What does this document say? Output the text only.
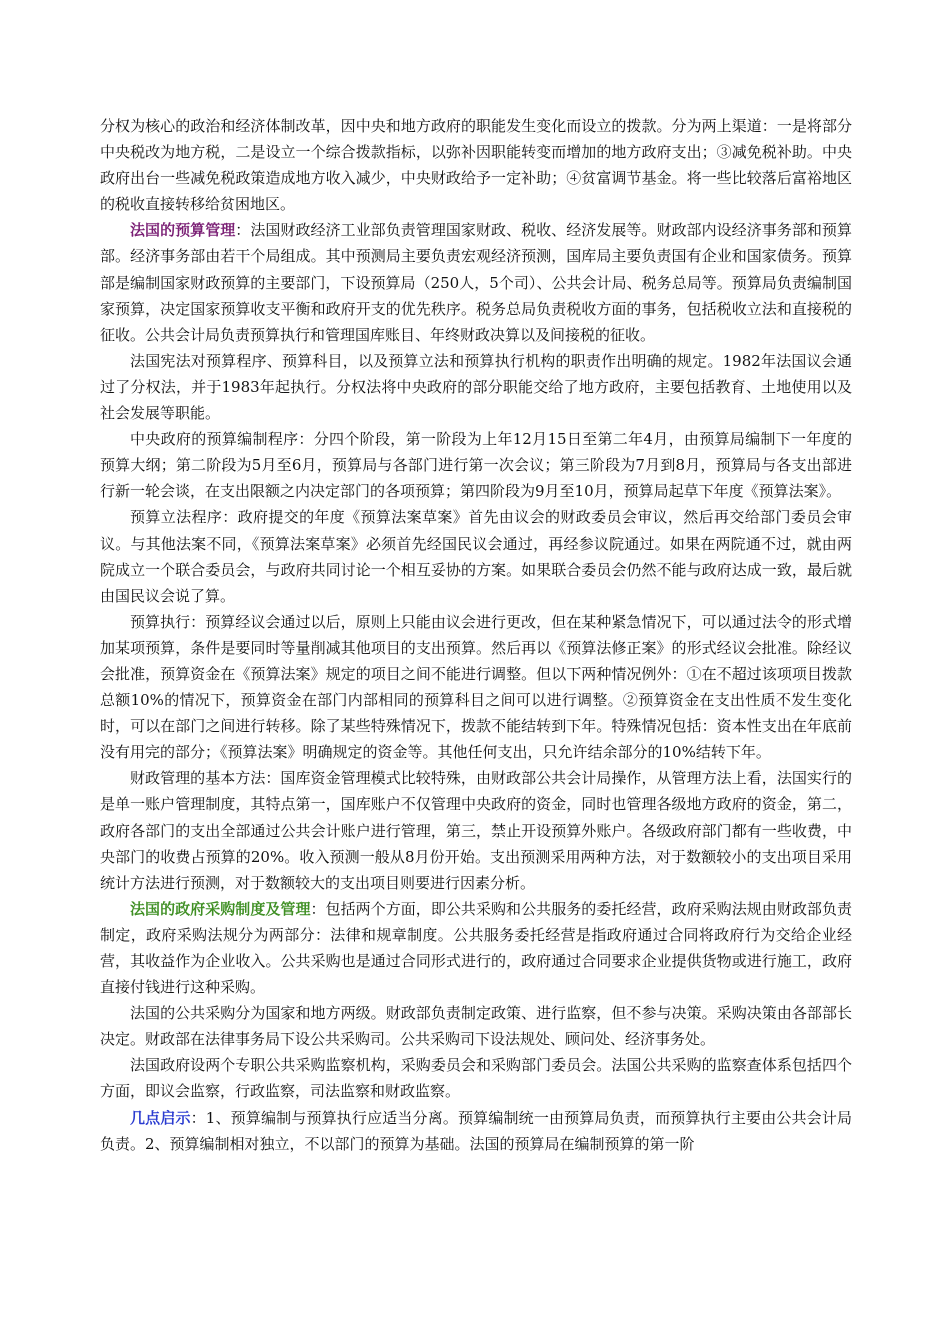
分权为核心的政治和经济体制改革，因中央和地方政府的职能发生变化而设立的拨款。分为两上渠道：一是将部分中央税改为地方税，二是设立一个综合拨款指标，以弥补因职能转变而增加的地方政府支出；③减免税补助。中央政府出台一些减免税政策造成地方收入减少，中央财政给予一定补助；④贫富调节基金。将一些比较落后富裕地区的税收直接转移给贫困地区。

法国的预算管理：法国财政经济工业部负责管理国家财政、税收、经济发展等。财政部内设经济事务部和预算部。经济事务部由若干个局组成。其中预测局主要负责宏观经济预测，国库局主要负责国有企业和国家债务。预算部是编制国家财政预算的主要部门，下设预算局（250人，5个司）、公共会计局、税务总局等。预算局负责编制国家预算，决定国家预算收支平衡和政府开支的优先秩序。税务总局负责税收方面的事务，包括税收立法和直接税的征收。公共会计局负责预算执行和管理国库账目、年终财政决算以及间接税的征收。

法国宪法对预算程序、预算科目，以及预算立法和预算执行机构的职责作出明确的规定。1982年法国议会通过了分权法，并于1983年起执行。分权法将中央政府的部分职能交给了地方政府，主要包括教育、土地使用以及社会发展等职能。

中央政府的预算编制程序：分四个阶段，第一阶段为上年12月15日至第二年4月，由预算局编制下一年度的预算大纲；第二阶段为5月至6月，预算局与各部门进行第一次会议；第三阶段为7月到8月，预算局与各支出部进行新一轮会谈，在支出限额之内决定部门的各项预算；第四阶段为9月至10月，预算局起草下年度《预算法案》。

预算立法程序：政府提交的年度《预算法案草案》首先由议会的财政委员会审议，然后再交给部门委员会审议。与其他法案不同，《预算法案草案》必须首先经国民议会通过，再经参议院通过。如果在两院通不过，就由两院成立一个联合委员会，与政府共同讨论一个相互妥协的方案。如果联合委员会仍然不能与政府达成一致，最后就由国民议会说了算。

预算执行：预算经议会通过以后，原则上只能由议会进行更改，但在某种紧急情况下，可以通过法令的形式增加某项预算，条件是要同时等量削减其他项目的支出预算。然后再以《预算法修正案》的形式经议会批准。除经议会批准，预算资金在《预算法案》规定的项目之间不能进行调整。但以下两种情况例外：①在不超过该项项目拨款总额10%的情况下，预算资金在部门内部相同的预算科目之间可以进行调整。②预算资金在支出性质不发生变化时，可以在部门之间进行转移。除了某些特殊情况下，拨款不能结转到下年。特殊情况包括：资本性支出在年底前没有用完的部分；《预算法案》明确规定的资金等。其他任何支出，只允许结余部分的10%结转下年。

财政管理的基本方法：国库资金管理模式比较特殊，由财政部公共会计局操作，从管理方法上看，法国实行的是单一账户管理制度，其特点第一，国库账户不仅管理中央政府的资金，同时也管理各级地方政府的资金，第二，政府各部门的支出全部通过公共会计账户进行管理，第三，禁止开设预算外账户。各级政府部门都有一些收费，中央部门的收费占预算的20%。收入预测一般从8月份开始。支出预测采用两种方法，对于数额较小的支出项目采用统计方法进行预测，对于数额较大的支出项目则要进行因素分析。

法国的政府采购制度及管理：包括两个方面，即公共采购和公共服务的委托经营，政府采购法规由财政部负责制定，政府采购法规分为两部分：法律和规章制度。公共服务委托经营是指政府通过合同将政府行为交给企业经营，其收益作为企业收入。公共采购也是通过合同形式进行的，政府通过合同要求企业提供货物或进行施工，政府直接付钱进行这种采购。

法国的公共采购分为国家和地方两级。财政部负责制定政策、进行监察，但不参与决策。采购决策由各部部长决定。财政部在法律事务局下设公共采购司。公共采购司下设法规处、顾问处、经济事务处。

法国政府设两个专职公共采购监察机构，采购委员会和采购部门委员会。法国公共采购的监察查体系包括四个方面，即议会监察，行政监察，司法监察和财政监察。

几点启示：1、预算编制与预算执行应适当分离。预算编制统一由预算局负责，而预算执行主要由公共会计局负责。2、预算编制相对独立，不以部门的预算为基础。法国的预算局在编制预算的第一阶
